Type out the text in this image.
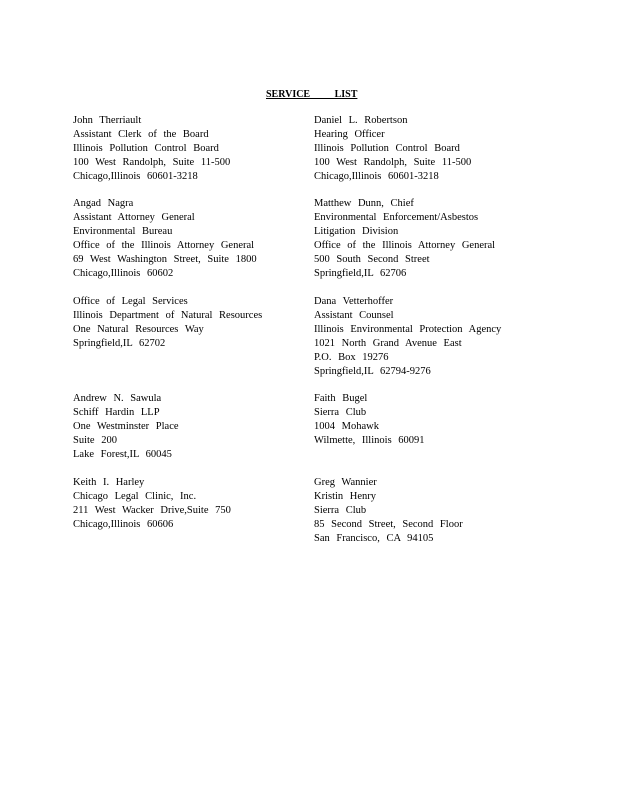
SERVICE LIST
John Therriault
Assistant Clerk of the Board
Illinois Pollution Control Board
100 West Randolph, Suite 11-500
Chicago,Illinois 60601-3218
Angad Nagra
Assistant Attorney General
Environmental Bureau
Office of the Illinois Attorney General
69 West Washington Street, Suite 1800
Chicago,Illinois 60602
Office of Legal Services
Illinois Department of Natural Resources
One Natural Resources Way
Springfield,IL 62702
Andrew N. Sawula
Schiff Hardin LLP
One Westminster Place
Suite 200
Lake Forest,IL 60045
Keith I. Harley
Chicago Legal Clinic, Inc.
211 West Wacker Drive,Suite 750
Chicago,Illinois 60606
Daniel L. Robertson
Hearing Officer
Illinois Pollution Control Board
100 West Randolph, Suite 11-500
Chicago,Illinois 60601-3218
Matthew Dunn, Chief
Environmental Enforcement/Asbestos
Litigation Division
Office of the Illinois Attorney General
500 South Second Street
Springfield,IL 62706
Dana Vetterhoffer
Assistant Counsel
Illinois Environmental Protection Agency
1021 North Grand Avenue East
P.O. Box 19276
Springfield,IL 62794-9276
Faith Bugel
Sierra Club
1004 Mohawk
Wilmette, Illinois 60091
Greg Wannier
Kristin Henry
Sierra Club
85 Second Street, Second Floor
San Francisco, CA 94105
